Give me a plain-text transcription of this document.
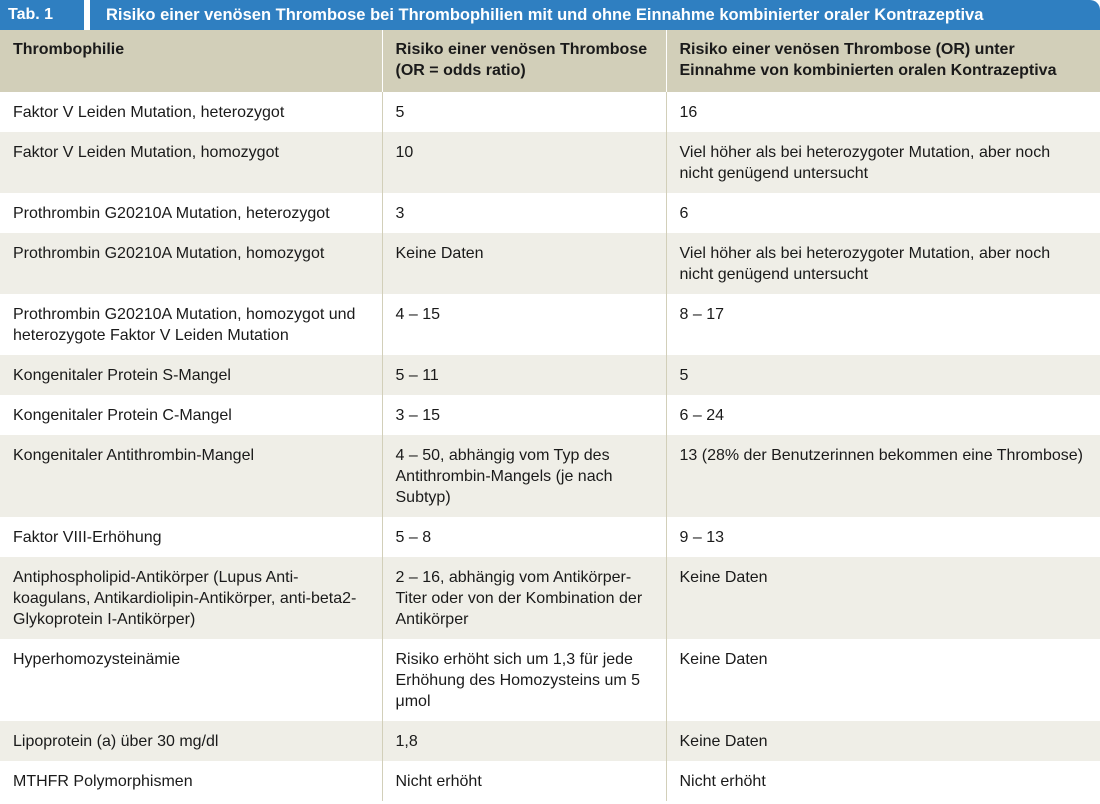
Tab. 1	Risiko einer venösen Thrombose bei Thrombophilien mit und ohne Einnahme kombinierter oraler Kontrazeptiva
Thrombophilie	Risiko einer venösen Thrombose (OR = odds ratio)	Risiko einer venösen Thrombose (OR) unter Einnahme von kombinierten oralen Kontrazeptiva
Faktor V Leiden Mutation, heterozygot	5	16
Faktor V Leiden Mutation, homozygot	10	Viel höher als bei heterozygoter Mutation, aber noch nicht genügend untersucht
Prothrombin G20210A Mutation, heterozygot	3	6
Prothrombin G20210A Mutation, homozygot	Keine Daten	Viel höher als bei heterozygoter Mutation, aber noch nicht genügend untersucht
Prothrombin G20210A Mutation, homozygot und heterozygote Faktor V Leiden Mutation	4 – 15	8 – 17
Kongenitaler Protein S-Mangel	5 – 11	5
Kongenitaler Protein C-Mangel	3 – 15	6 – 24
Kongenitaler Antithrombin-Mangel	4 – 50, abhängig vom Typ des Antithrombin-Mangels (je nach Subtyp)	13 (28% der Benutzerinnen bekommen eine Thrombose)
Faktor VIII-Erhöhung	5 – 8	9 – 13
Antiphospholipid-Antikörper (Lupus Anti-koagulans, Antikardiolipin-Antikörper, anti-beta2-Glykoprotein I-Antikörper)	2 – 16, abhängig vom Antikörper-Titer oder von der Kombination der Antikörper	Keine Daten
Hyperhomozysteinämie	Risiko erhöht sich um 1,3 für jede Erhöhung des Homozysteins um 5 μmol	Keine Daten
Lipoprotein (a) über 30 mg/dl	1,8	Keine Daten
MTHFR Polymorphismen	Nicht erhöht	Nicht erhöht
